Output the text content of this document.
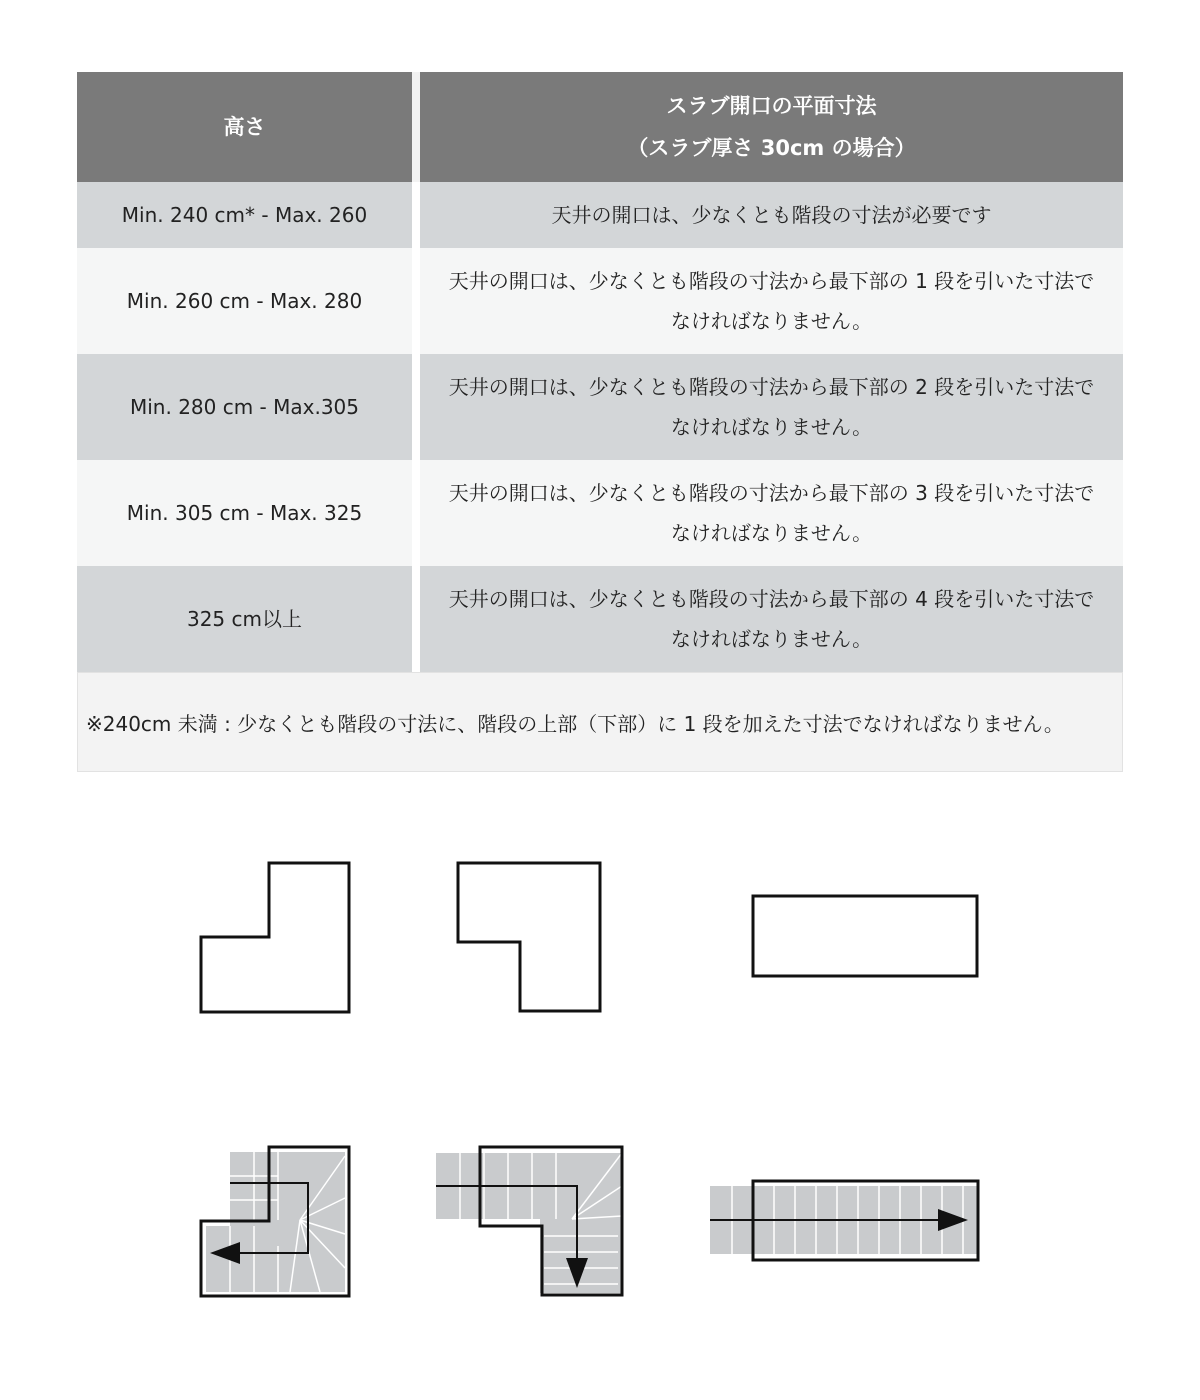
高さ
スラブ開口の平面寸法
（スラブ厚さ 30cm の場合）
Min. 240 cm* - Max. 260	天井の開口は、少なくとも階段の寸法が必要です
Min. 260 cm - Max. 280
天井の開口は、少なくとも階段の寸法から最下部の 1 段を引いた寸法で
なければなりません。
Min. 280 cm - Max.305
天井の開口は、少なくとも階段の寸法から最下部の 2 段を引いた寸法で
なければなりません。
Min. 305 cm - Max. 325
天井の開口は、少なくとも階段の寸法から最下部の 3 段を引いた寸法で
なければなりません。
325 cm以上
天井の開口は、少なくとも階段の寸法から最下部の 4 段を引いた寸法で
なければなりません。
※240cm 未満 : 少なくとも階段の寸法に、階段の上部（下部）に 1 段を加えた寸法でなければなりません。
